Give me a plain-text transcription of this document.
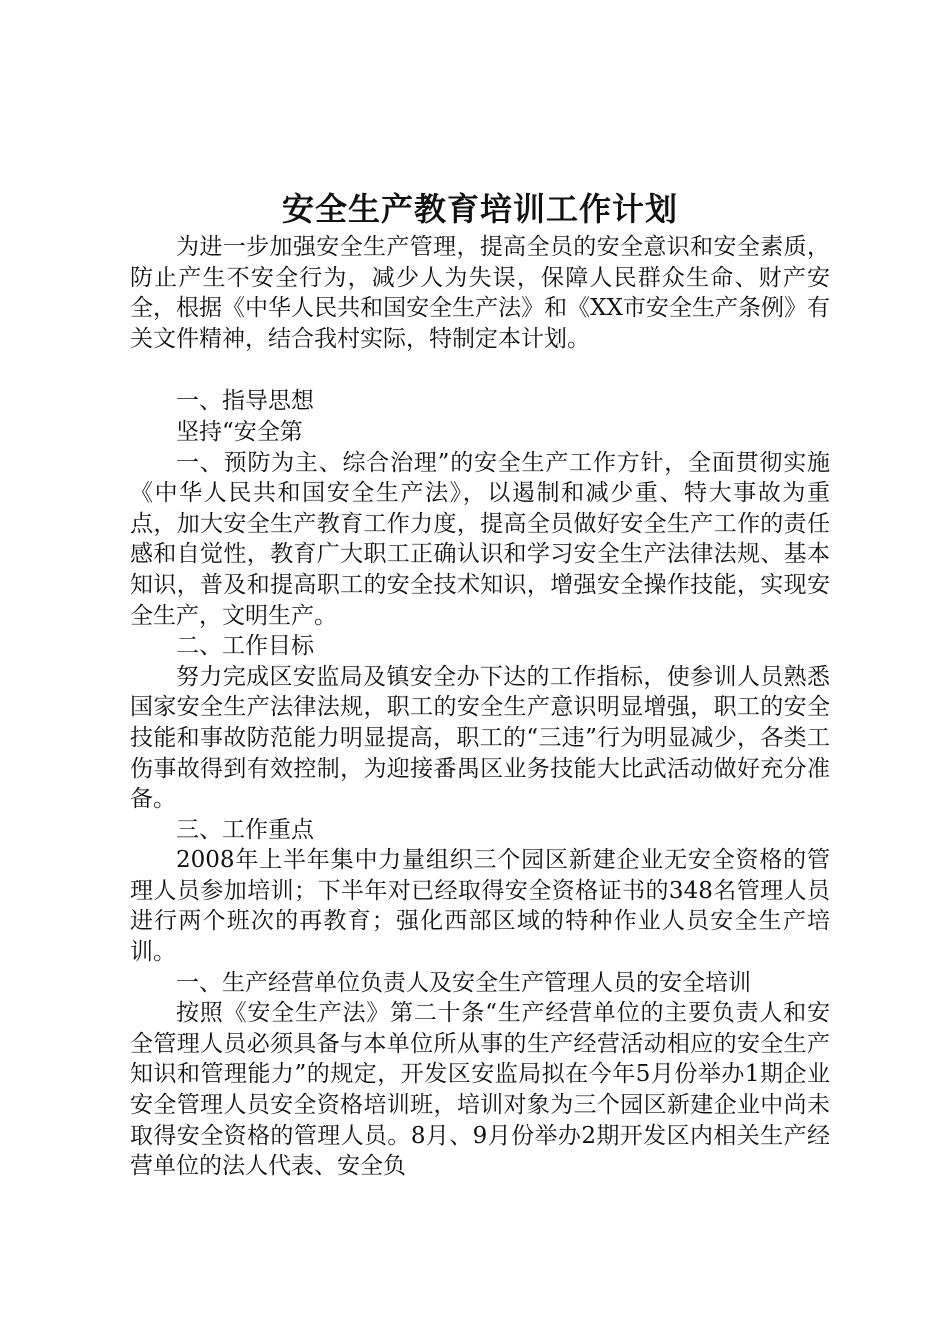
安全生产教育培训工作计划

为进一步加强安全生产管理，提高全员的安全意识和安全素质，防止产生不安全行为，减少人为失误，保障人民群众生命、财产安全，根据《中华人民共和国安全生产法》和《XX市安全生产条例》有关文件精神，结合我村实际，特制定本计划。

一、指导思想

坚持“安全第

一、预防为主、综合治理”的安全生产工作方针，全面贯彻实施《中华人民共和国安全生产法》，以遏制和减少重、特大事故为重点，加大安全生产教育工作力度，提高全员做好安全生产工作的责任感和自觉性，教育广大职工正确认识和学习安全生产法律法规、基本知识，普及和提高职工的安全技术知识，增强安全操作技能，实现安全生产，文明生产。

二、工作目标

努力完成区安监局及镇安全办下达的工作指标，使参训人员熟悉国家安全生产法律法规，职工的安全生产意识明显增强，职工的安全技能和事故防范能力明显提高，职工的“三违”行为明显减少，各类工伤事故得到有效控制，为迎接番禺区业务技能大比武活动做好充分准备。

三、工作重点

2008年上半年集中力量组织三个园区新建企业无安全资格的管理人员参加培训；下半年对已经取得安全资格证书的348名管理人员进行两个班次的再教育；强化西部区域的特种作业人员安全生产培训。

一、生产经营单位负责人及安全生产管理人员的安全培训

按照《安全生产法》第二十条“生产经营单位的主要负责人和安全管理人员必须具备与本单位所从事的生产经营活动相应的安全生产知识和管理能力”的规定，开发区安监局拟在今年5月份举办1期企业安全管理人员安全资格培训班，培训对象为三个园区新建企业中尚未取得安全资格的管理人员。8月、9月份举办2期开发区内相关生产经营单位的法人代表、安全负
